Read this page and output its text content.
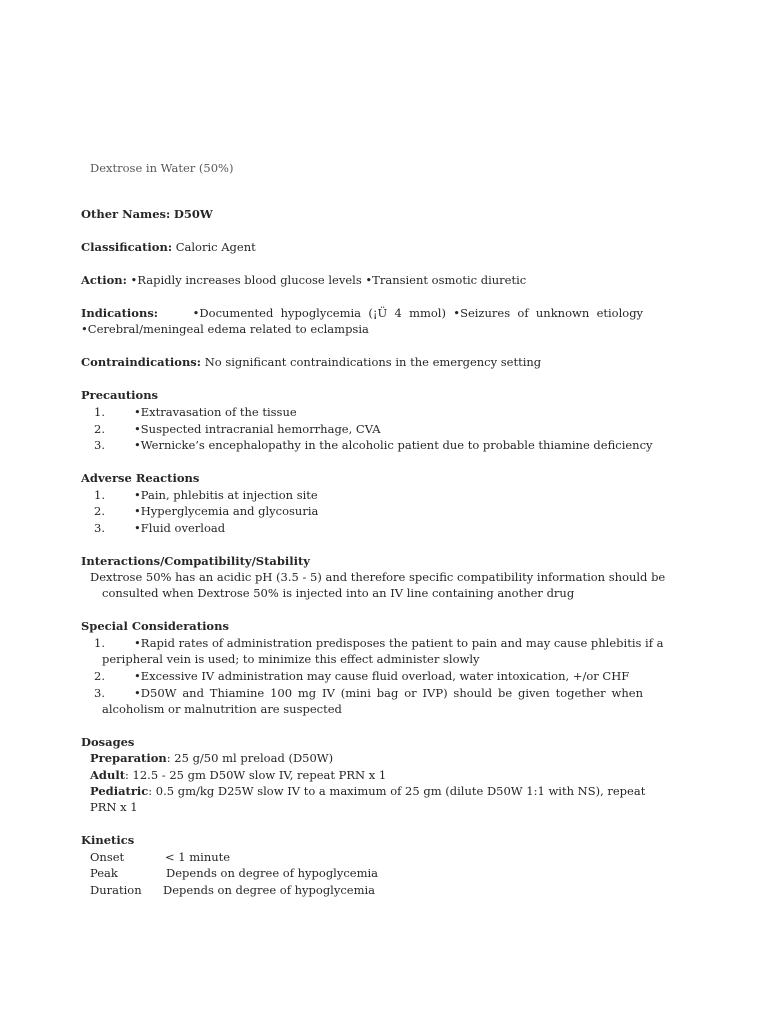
Dextrose in Water (50%)
Other Names: D50W
Classification: Caloric Agent
Action: •Rapidly increases blood glucose levels •Transient osmotic diuretic
Indications:	•Documented hypoglycemia (¡Ü 4 mmol) •Seizures of unknown etiology
•Cerebral/meningeal edema related to eclampsia
Contraindications: No significant contraindications in the emergency setting
Precautions
1.	•Extravasation of the tissue
2.	•Suspected intracranial hemorrhage, CVA
3.	•Wernicke’s encephalopathy in the alcoholic patient due to probable thiamine deficiency
Adverse Reactions
1.	•Pain, phlebitis at injection site
2.	•Hyperglycemia and glycosuria
3.	•Fluid overload
Interactions/Compatibility/Stability
Dextrose 50% has an acidic pH (3.5 - 5) and therefore specific compatibility information should be
consulted when Dextrose 50% is injected into an IV line containing another drug
Special Considerations
1.	•Rapid rates of administration predisposes the patient to pain and may cause phlebitis if a
peripheral vein is used; to minimize this effect administer slowly
2.	•Excessive IV administration may cause fluid overload, water intoxication, +/or CHF
3.	•D50W and Thiamine 100 mg IV (mini bag or IVP) should be given together when
alcoholism or malnutrition are suspected
Dosages
Preparation: 25 g/50 ml preload (D50W)
Adult: 12.5 - 25 gm D50W slow IV, repeat PRN x 1
Pediatric: 0.5 gm/kg D25W slow IV to a maximum of 25 gm (dilute D50W 1:1 with NS), repeat
PRN x 1
Kinetics
Onset	< 1 minute
Peak	Depends on degree of hypoglycemia
Duration Depends on degree of hypoglycemia
